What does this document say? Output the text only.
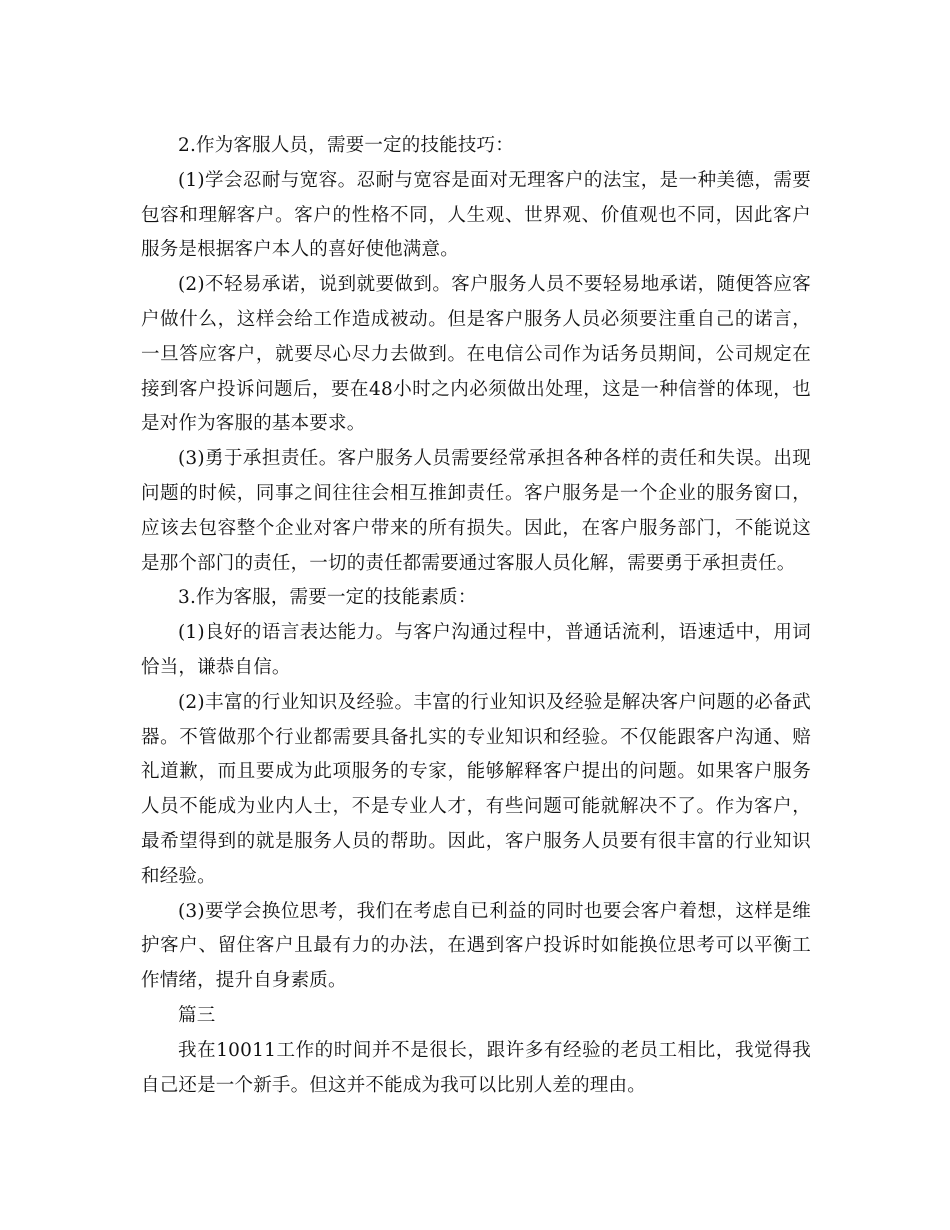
2.作为客服人员，需要一定的技能技巧：

(1)学会忍耐与宽容。忍耐与宽容是面对无理客户的法宝，是一种美德，需要包容和理解客户。客户的性格不同，人生观、世界观、价值观也不同，因此客户服务是根据客户本人的喜好使他满意。

(2)不轻易承诺，说到就要做到。客户服务人员不要轻易地承诺，随便答应客户做什么，这样会给工作造成被动。但是客户服务人员必须要注重自己的诺言，一旦答应客户，就要尽心尽力去做到。在电信公司作为话务员期间，公司规定在接到客户投诉问题后，要在48小时之内必须做出处理，这是一种信誉的体现，也是对作为客服的基本要求。

(3)勇于承担责任。客户服务人员需要经常承担各种各样的责任和失误。出现问题的时候，同事之间往往会相互推卸责任。客户服务是一个企业的服务窗口，应该去包容整个企业对客户带来的所有损失。因此，在客户服务部门，不能说这是那个部门的责任，一切的责任都需要通过客服人员化解，需要勇于承担责任。

3.作为客服，需要一定的技能素质：

(1)良好的语言表达能力。与客户沟通过程中，普通话流利，语速适中，用词恰当，谦恭自信。

(2)丰富的行业知识及经验。丰富的行业知识及经验是解决客户问题的必备武器。不管做那个行业都需要具备扎实的专业知识和经验。不仅能跟客户沟通、赔礼道歉，而且要成为此项服务的专家，能够解释客户提出的问题。如果客户服务人员不能成为业内人士，不是专业人才，有些问题可能就解决不了。作为客户，最希望得到的就是服务人员的帮助。因此，客户服务人员要有很丰富的行业知识和经验。

(3)要学会换位思考，我们在考虑自已利益的同时也要会客户着想，这样是维护客户、留住客户且最有力的办法，在遇到客户投诉时如能换位思考可以平衡工作情绪，提升自身素质。

篇三

我在10011工作的时间并不是很长，跟许多有经验的老员工相比，我觉得我自己还是一个新手。但这并不能成为我可以比别人差的理由。
